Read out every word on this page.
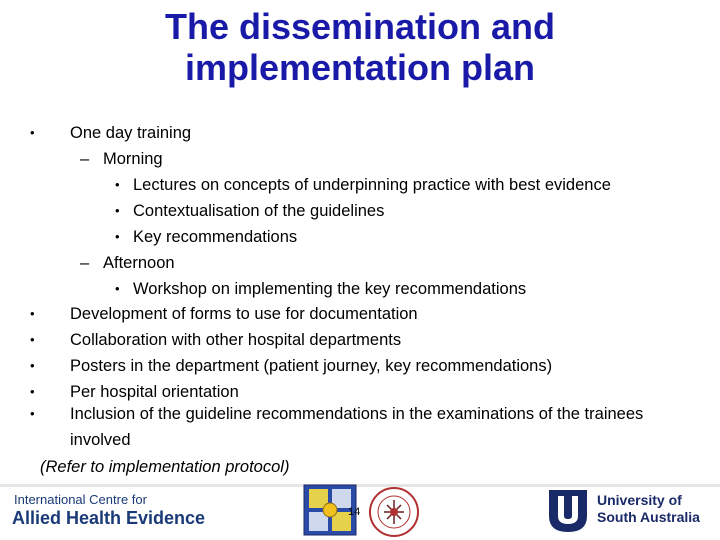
The dissemination and
implementation plan
• One day training
– Morning
• Lectures on concepts of underpinning practice with best evidence
• Contextualisation of the guidelines
• Key recommendations
– Afternoon
• Workshop on implementing the key recommendations
• Development of forms to use for documentation
• Collaboration with other hospital departments
• Posters in the department (patient journey, key recommendations)
• Per hospital orientation
• Inclusion of the guideline recommendations in the examinations of the trainees
involved
(Refer to implementation protocol)
International Centre for
Allied Health Evidence	14
University of
South Australia
